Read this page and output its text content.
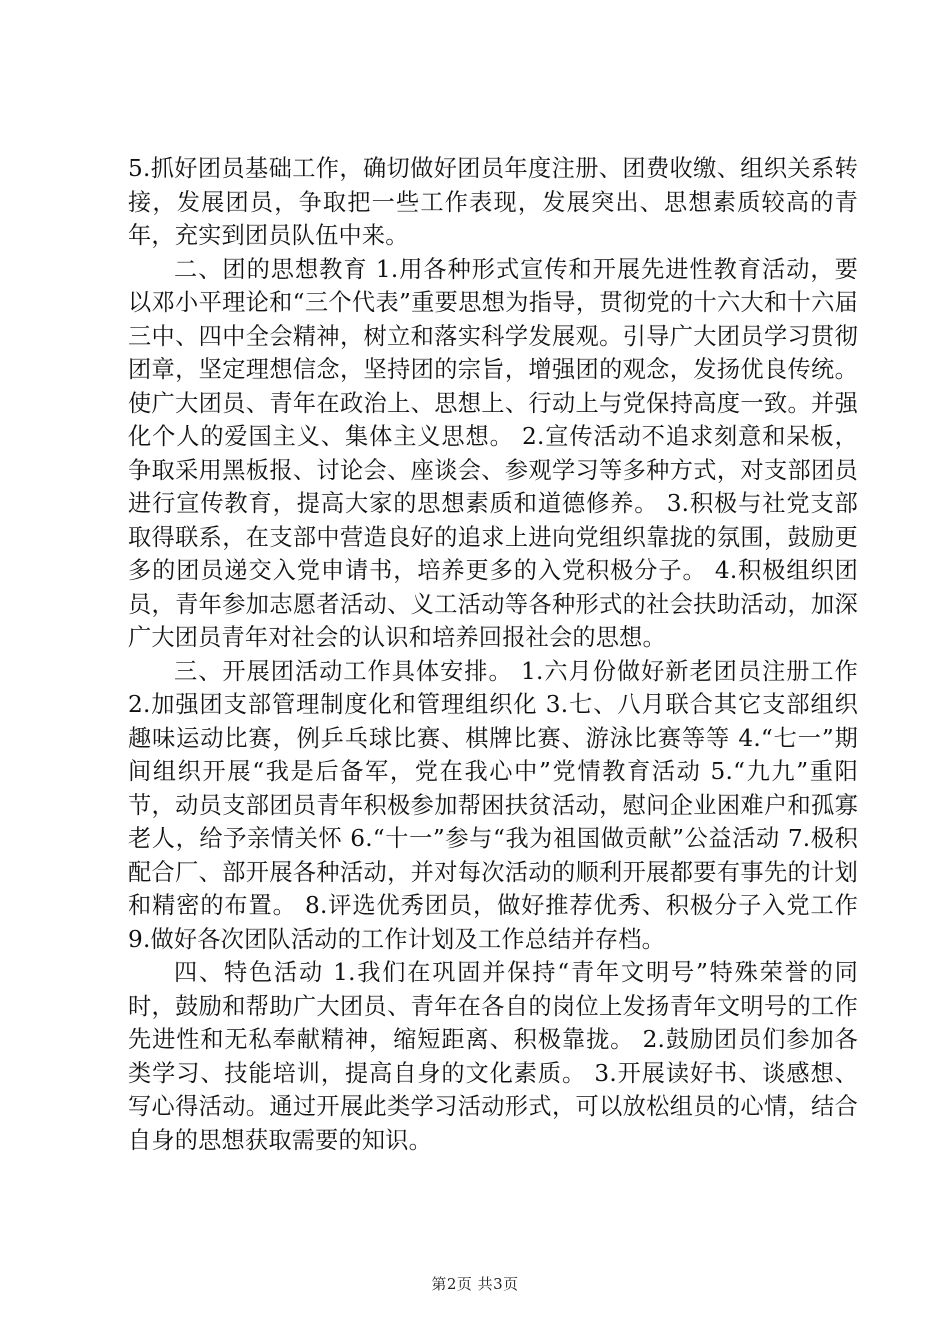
5.抓好团员基础工作，确切做好团员年度注册、团费收缴、组织关系转接，发展团员，争取把一些工作表现，发展突出、思想素质较高的青年，充实到团员队伍中来。

二、团的思想教育 1.用各种形式宣传和开展先进性教育活动，要以邓小平理论和“三个代表”重要思想为指导，贯彻党的十六大和十六届三中、四中全会精神，树立和落实科学发展观。引导广大团员学习贯彻团章，坚定理想信念，坚持团的宗旨，增强团的观念，发扬优良传统。使广大团员、青年在政治上、思想上、行动上与党保持高度一致。并强化个人的爱国主义、集体主义思想。 2.宣传活动不追求刻意和呆板，争取采用黑板报、讨论会、座谈会、参观学习等多种方式，对支部团员进行宣传教育，提高大家的思想素质和道德修养。 3.积极与社党支部取得联系，在支部中营造良好的追求上进向党组织靠拢的氛围，鼓励更多的团员递交入党申请书，培养更多的入党积极分子。 4.积极组织团员，青年参加志愿者活动、义工活动等各种形式的社会扶助活动，加深广大团员青年对社会的认识和培养回报社会的思想。

三、开展团活动工作具体安排。 1.六月份做好新老团员注册工作 2.加强团支部管理制度化和管理组织化 3.七、八月联合其它支部组织趣味运动比赛，例乒乓球比赛、棋牌比赛、游泳比赛等等 4.“七一”期间组织开展“我是后备军，党在我心中”党情教育活动 5.“九九”重阳节，动员支部团员青年积极参加帮困扶贫活动，慰问企业困难户和孤寡老人，给予亲情关怀 6.“十一”参与“我为祖国做贡献”公益活动 7.极积配合厂、部开展各种活动，并对每次活动的顺利开展都要有事先的计划和精密的布置。 8.评选优秀团员，做好推荐优秀、积极分子入党工作 9.做好各次团队活动的工作计划及工作总结并存档。

四、特色活动 1.我们在巩固并保持“青年文明号”特殊荣誉的同时，鼓励和帮助广大团员、青年在各自的岗位上发扬青年文明号的工作先进性和无私奉献精神，缩短距离、积极靠拢。 2.鼓励团员们参加各类学习、技能培训，提高自身的文化素质。 3.开展读好书、谈感想、写心得活动。通过开展此类学习活动形式，可以放松组员的心情，结合自身的思想获取需要的知识。

第2页 共3页
